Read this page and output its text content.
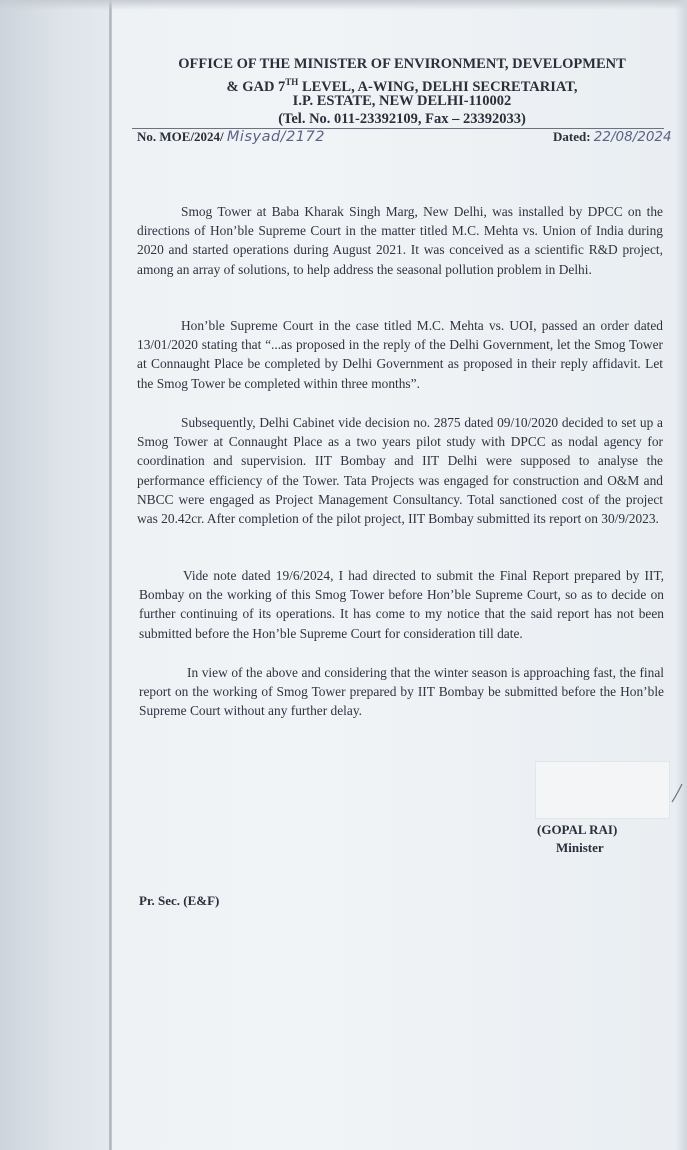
OFFICE OF THE MINISTER OF ENVIRONMENT, DEVELOPMENT
& GAD 7TH LEVEL, A-WING, DELHI SECRETARIAT,
I.P. ESTATE, NEW DELHI-110002
(Tel. No. 011-23392109, Fax – 23392033)
No. MOE/2024/ Misyad/2172	Dated: 22/08/2024
Smog Tower at Baba Kharak Singh Marg, New Delhi, was installed by DPCC on the directions of Hon’ble Supreme Court in the matter titled M.C. Mehta vs. Union of India during 2020 and started operations during August 2021. It was conceived as a scientific R&D project, among an array of solutions, to help address the seasonal pollution problem in Delhi.
Hon’ble Supreme Court in the case titled M.C. Mehta vs. UOI, passed an order dated 13/01/2020 stating that “...as proposed in the reply of the Delhi Government, let the Smog Tower at Connaught Place be completed by Delhi Government as proposed in their reply affidavit. Let the Smog Tower be completed within three months”.
Subsequently, Delhi Cabinet vide decision no. 2875 dated 09/10/2020 decided to set up a Smog Tower at Connaught Place as a two years pilot study with DPCC as nodal agency for coordination and supervision. IIT Bombay and IIT Delhi were supposed to analyse the performance efficiency of the Tower. Tata Projects was engaged for construction and O&M and NBCC were engaged as Project Management Consultancy. Total sanctioned cost of the project was 20.42cr. After completion of the pilot project, IIT Bombay submitted its report on 30/9/2023.
Vide note dated 19/6/2024, I had directed to submit the Final Report prepared by IIT, Bombay on the working of this Smog Tower before Hon’ble Supreme Court, so as to decide on further continuing of its operations. It has come to my notice that the said report has not been submitted before the Hon’ble Supreme Court for consideration till date.
In view of the above and considering that the winter season is approaching fast, the final report on the working of Smog Tower prepared by IIT Bombay be submitted before the Hon’ble Supreme Court without any further delay.
(GOPAL RAI)
Minister
Pr. Sec. (E&F)
